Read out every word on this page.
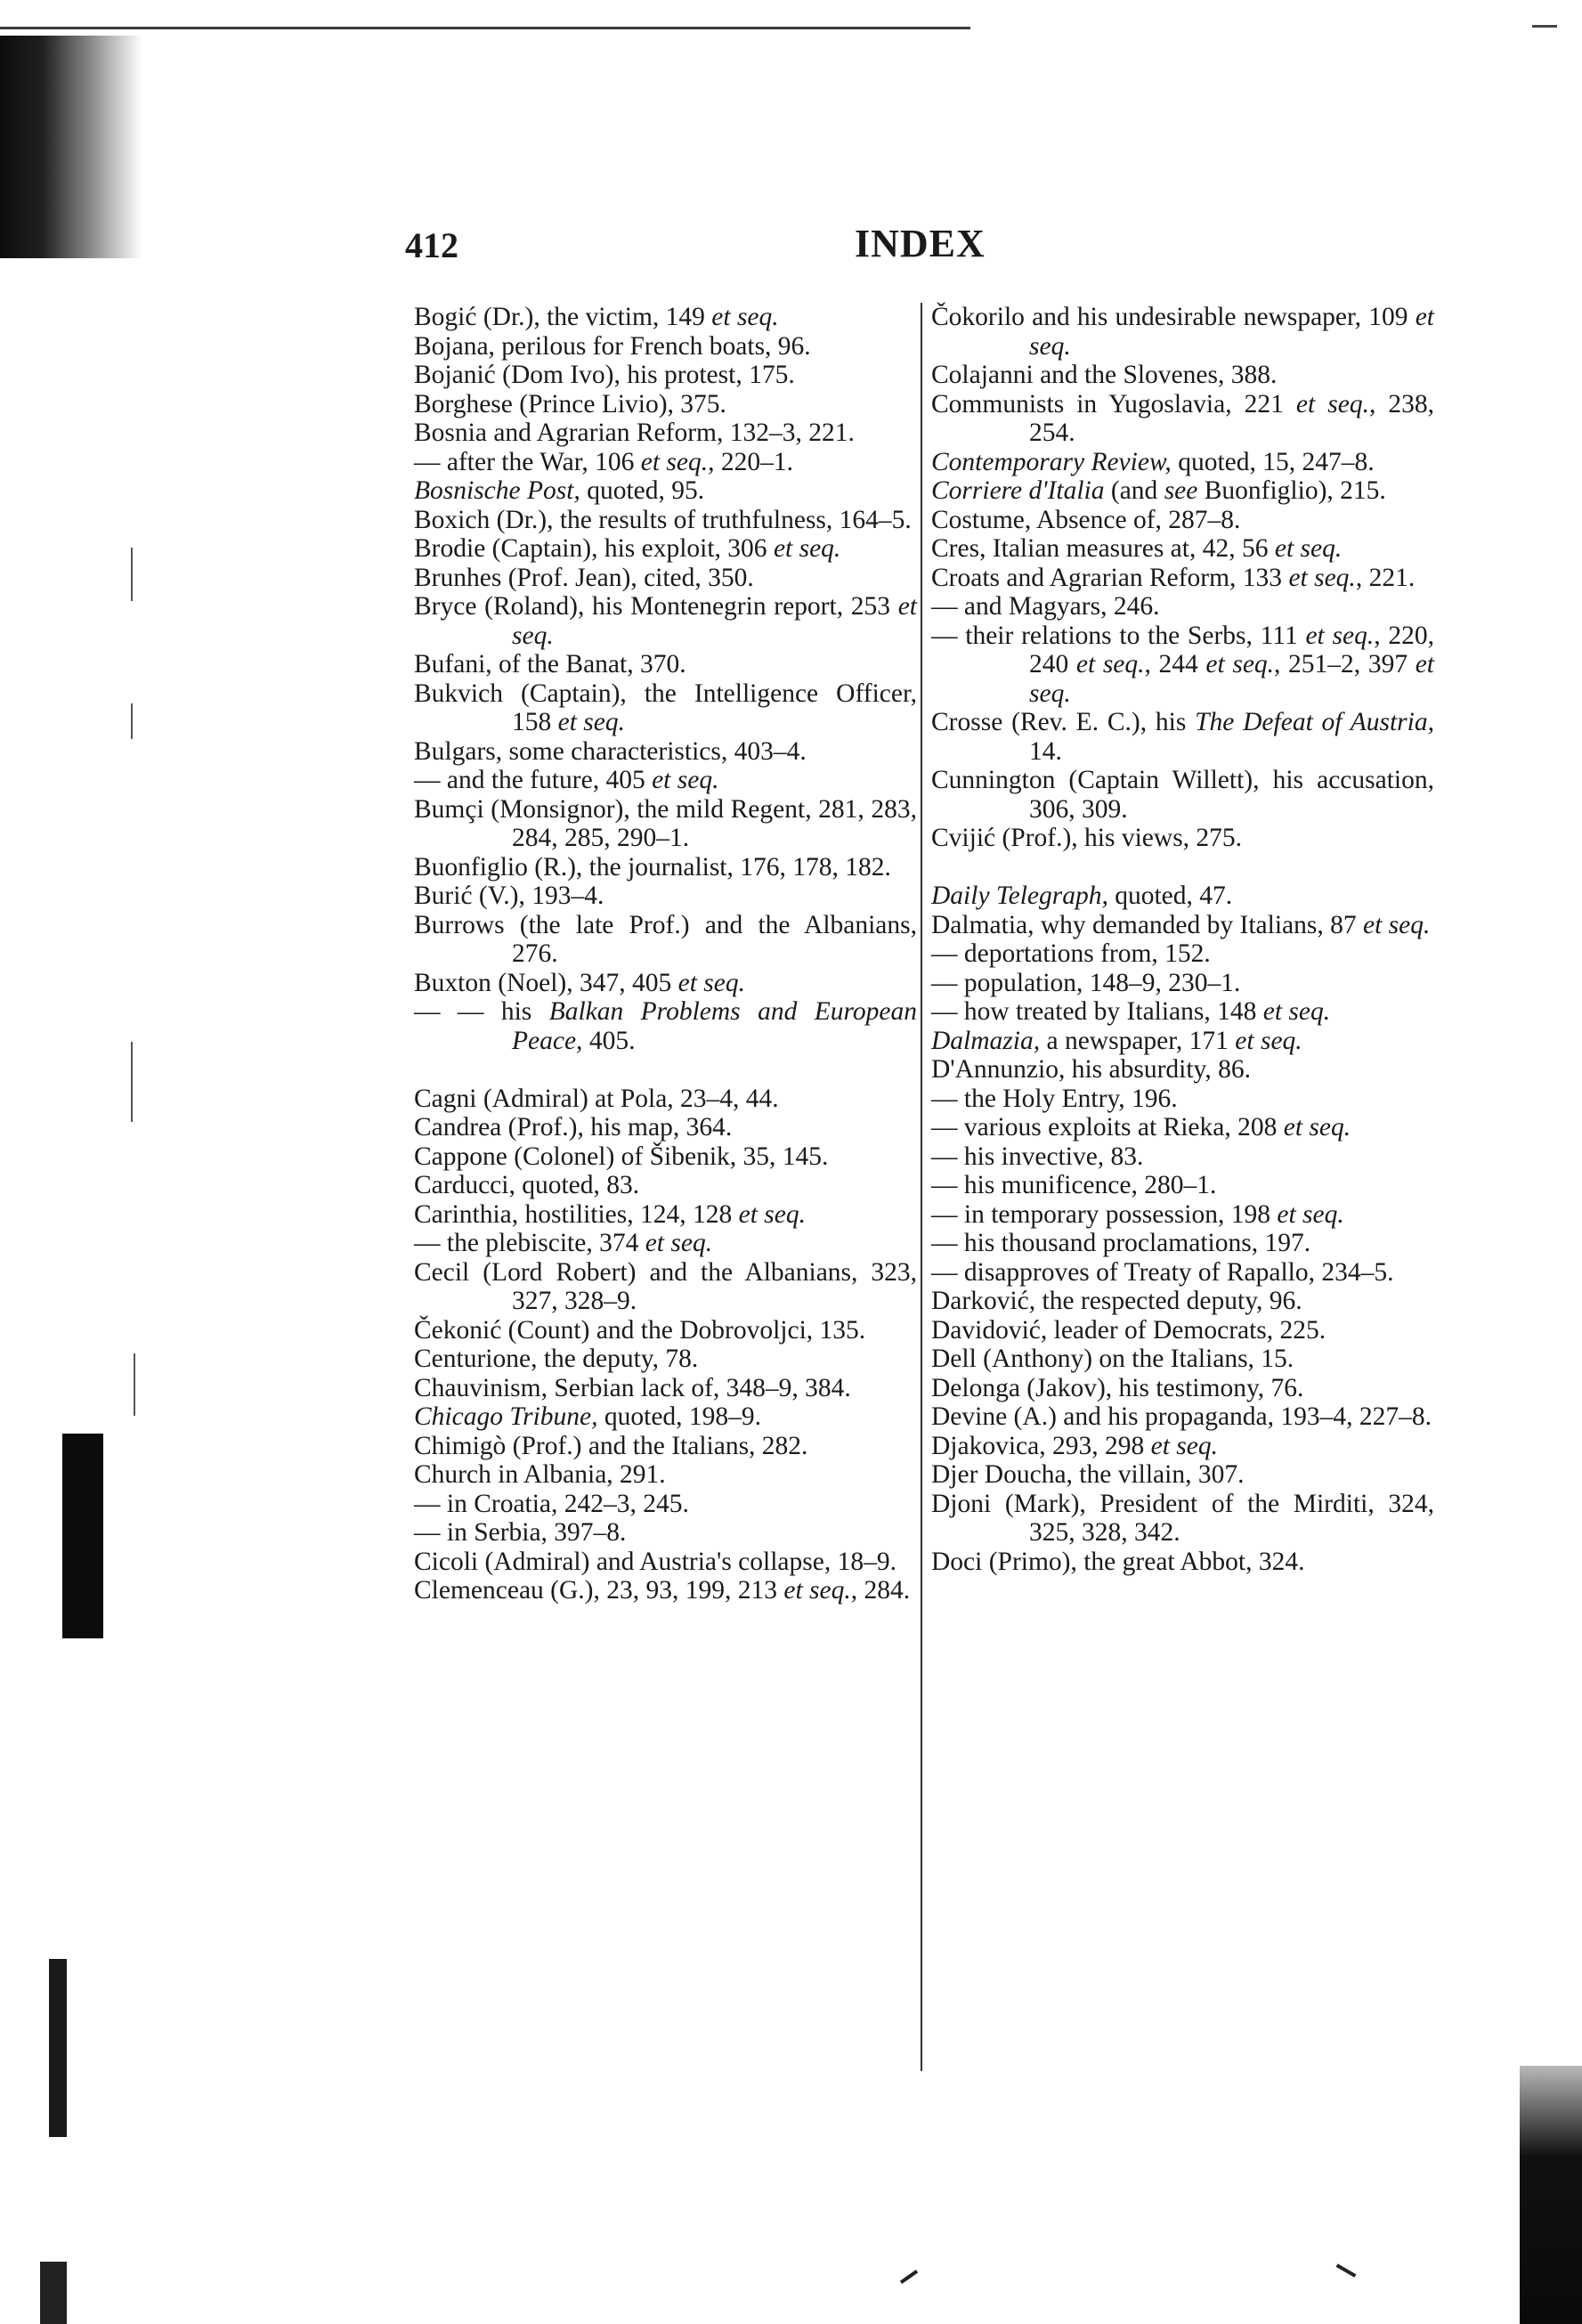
412	INDEX

Bogić (Dr.), the victim, 149 et seq.

Bojana, perilous for French boats, 96.

Bojanić (Dom Ivo), his protest, 175.

Borghese (Prince Livio), 375.

Bosnia and Agrarian Reform, 132–3, 221.

— after the War, 106 et seq., 220–1.

Bosnische Post, quoted, 95.

Boxich (Dr.), the results of truthfulness, 164–5.

Brodie (Captain), his exploit, 306 et seq.

Brunhes (Prof. Jean), cited, 350.

Bryce (Roland), his Montenegrin report, 253 et seq.

Bufani, of the Banat, 370.

Bukvich (Captain), the Intelligence Officer, 158 et seq.

Bulgars, some characteristics, 403–4.

— and the future, 405 et seq.

Bumçi (Monsignor), the mild Regent, 281, 283, 284, 285, 290–1.

Buonfiglio (R.), the journalist, 176, 178, 182.

Burić (V.), 193–4.

Burrows (the late Prof.) and the Albanians, 276.

Buxton (Noel), 347, 405 et seq.

— — his Balkan Problems and European Peace, 405.

Cagni (Admiral) at Pola, 23–4, 44.

Candrea (Prof.), his map, 364.

Cappone (Colonel) of Šibenik, 35, 145.

Carducci, quoted, 83.

Carinthia, hostilities, 124, 128 et seq.

— the plebiscite, 374 et seq.

Cecil (Lord Robert) and the Albanians, 323, 327, 328–9.

Čekonić (Count) and the Dobrovoljci, 135.

Centurione, the deputy, 78.

Chauvinism, Serbian lack of, 348–9, 384.

Chicago Tribune, quoted, 198–9.

Chimigò (Prof.) and the Italians, 282.

Church in Albania, 291.

— in Croatia, 242–3, 245.

— in Serbia, 397–8.

Cicoli (Admiral) and Austria's collapse, 18–9.

Clemenceau (G.), 23, 93, 199, 213 et seq., 284.

Čokorilo and his undesirable newspaper, 109 et seq.

Colajanni and the Slovenes, 388.

Communists in Yugoslavia, 221 et seq., 238, 254.

Contemporary Review, quoted, 15, 247–8.

Corriere d'Italia (and see Buonfiglio), 215.

Costume, Absence of, 287–8.

Cres, Italian measures at, 42, 56 et seq.

Croats and Agrarian Reform, 133 et seq., 221.

— and Magyars, 246.

— their relations to the Serbs, 111 et seq., 220, 240 et seq., 244 et seq., 251–2, 397 et seq.

Crosse (Rev. E. C.), his The Defeat of Austria, 14.

Cunnington (Captain Willett), his accusation, 306, 309.

Cvijić (Prof.), his views, 275.

Daily Telegraph, quoted, 47.

Dalmatia, why demanded by Italians, 87 et seq.

— deportations from, 152.

— population, 148–9, 230–1.

— how treated by Italians, 148 et seq.

Dalmazia, a newspaper, 171 et seq.

D'Annunzio, his absurdity, 86.

— the Holy Entry, 196.

— various exploits at Rieka, 208 et seq.

— his invective, 83.

— his munificence, 280–1.

— in temporary possession, 198 et seq.

— his thousand proclamations, 197.

— disapproves of Treaty of Rapallo, 234–5.

Darković, the respected deputy, 96.

Davidović, leader of Democrats, 225.

Dell (Anthony) on the Italians, 15.

Delonga (Jakov), his testimony, 76.

Devine (A.) and his propaganda, 193–4, 227–8.

Djakovica, 293, 298 et seq.

Djer Doucha, the villain, 307.

Djoni (Mark), President of the Mirditi, 324, 325, 328, 342.

Doci (Primo), the great Abbot, 324.
